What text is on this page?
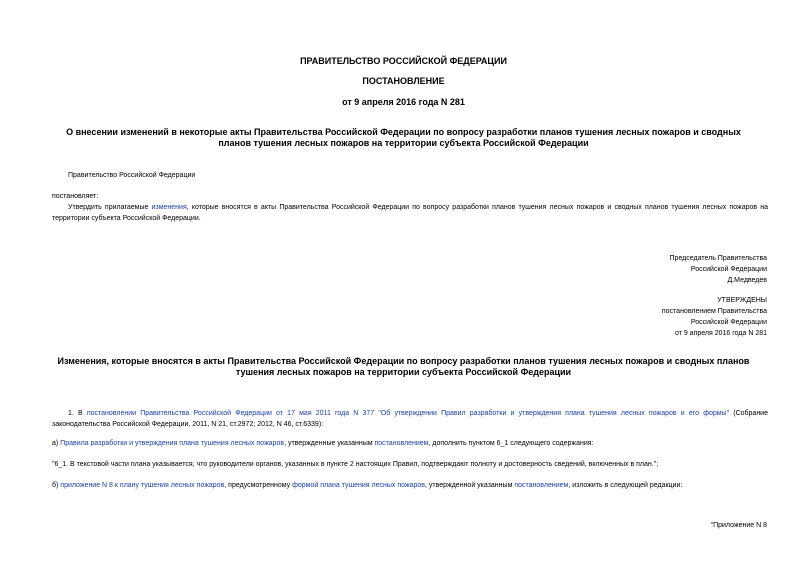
ПРАВИТЕЛЬСТВО РОССИЙСКОЙ ФЕДЕРАЦИИ
ПОСТАНОВЛЕНИЕ
от 9 апреля 2016 года N 281
О внесении изменений в некоторые акты Правительства Российской Федерации по вопросу разработки планов тушения лесных пожаров и сводных планов тушения лесных пожаров на территории субъекта Российской Федерации
Правительство Российской Федерации
постановляет:
Утвердить прилагаемые изменения, которые вносятся в акты Правительства Российской Федерации по вопросу разработки планов тушения лесных пожаров и сводных планов тушения лесных пожаров на территории субъекта Российской Федерации.
Председатель Правительства
Российской Федерации
Д.Медведев
УТВЕРЖДЕНЫ
постановлением Правительства
Российской Федерации
от 9 апреля 2016 года N 281
Изменения, которые вносятся в акты Правительства Российской Федерации по вопросу разработки планов тушения лесных пожаров и сводных планов тушения лесных пожаров на территории субъекта Российской Федерации
1. В постановлении Правительства Российской Федерации от 17 мая 2011 года N 377 "Об утверждении Правил разработки и утверждения плана тушения лесных пожаров и его формы" (Собрание законодательства Российской Федерации, 2011, N 21, ст.2972; 2012, N 46, ст.6339):
а) Правила разработки и утверждения плана тушения лесных пожаров, утвержденные указанным постановлением, дополнить пунктом 6_1 следующего содержания:
"6_1. В текстовой части плана указывается, что руководители органов, указанных в пункте 2 настоящих Правил, подтверждают полноту и достоверность сведений, включенных в план.";
б) приложение N 8 к плану тушения лесных пожаров, предусмотренному формой плана тушения лесных пожаров, утвержденной указанным постановлением, изложить в следующей редакции:
"Приложение N 8
